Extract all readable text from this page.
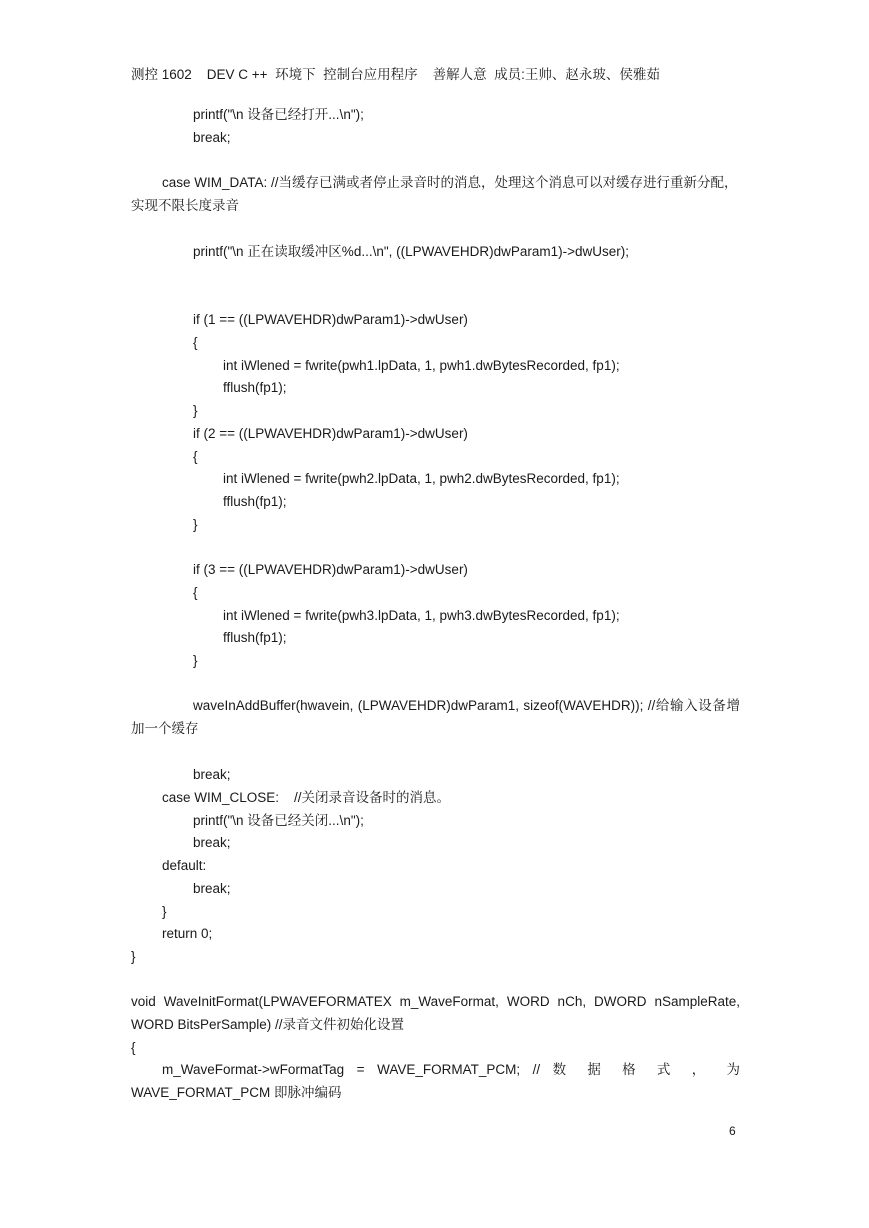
测控 1602    DEV C ++  环境下  控制台应用程序    善解人意  成员:王帅、赵永玻、侯雅茹
printf("\n 设备已经打开...\n");
break;
case WIM_DATA: //当缓存已满或者停止录音时的消息，处理这个消息可以对缓存进行重新分配，实现不限长度录音
printf("\n 正在读取缓冲区%d...\n", ((LPWAVEHDR)dwParam1)->dwUser);
if (1 == ((LPWAVEHDR)dwParam1)->dwUser)
{
int iWlened = fwrite(pwh1.lpData, 1, pwh1.dwBytesRecorded, fp1);
fflush(fp1);
}
if (2 == ((LPWAVEHDR)dwParam1)->dwUser)
{
int iWlened = fwrite(pwh2.lpData, 1, pwh2.dwBytesRecorded, fp1);
fflush(fp1);
}
if (3 == ((LPWAVEHDR)dwParam1)->dwUser)
{
int iWlened = fwrite(pwh3.lpData, 1, pwh3.dwBytesRecorded, fp1);
fflush(fp1);
}
waveInAddBuffer(hwavein, (LPWAVEHDR)dwParam1, sizeof(WAVEHDR)); //给输入设备增加一个缓存
break;
case WIM_CLOSE:    //关闭录音设备时的消息。
printf("\n 设备已经关闭...\n");
break;
default:
break;
}
return 0;
}
void WaveInitFormat(LPWAVEFORMATEX m_WaveFormat, WORD nCh, DWORD nSampleRate, WORD BitsPerSample) //录音文件初始化设置
{
m_WaveFormat->wFormatTag = WAVE_FORMAT_PCM; // 数 据 格 式 ， 为 WAVE_FORMAT_PCM 即脉冲编码
6
